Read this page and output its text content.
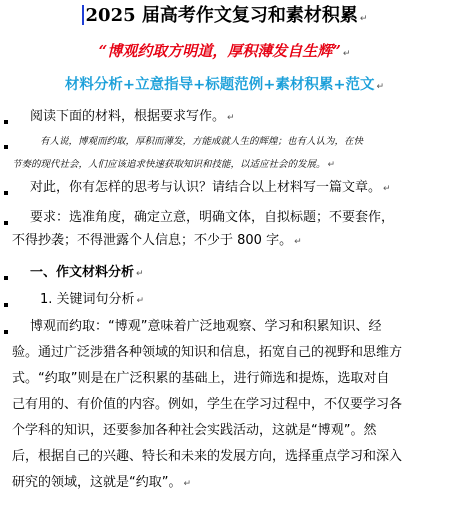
2025 届高考作文复习和素材积累 ↵
“博观约取方明道，厚积薄发自生辉” ↵
材料分析+立意指导+标题范例+素材积累+范文 ↵
阅读下面的材料，根据要求写作。 ↵
有人说，博观而约取，厚积而薄发，方能成就人生的辉煌；也有人认为，在快
节奏的现代社会，人们应该追求快速获取知识和技能，以适应社会的发展。 ↵
对此，你有怎样的思考与认识？请结合以上材料写一篇文章。 ↵
要求：选准角度，确定立意，明确文体，自拟标题；不要套作，
不得抄袭；不得泄露个人信息；不少于 800 字。 ↵
一、作文材料分析 ↵
1. 关键词句分析 ↵
博观而约取：“博观”意味着广泛地观察、学习和积累知识、经
验。通过广泛涉猎各种领域的知识和信息，拓宽自己的视野和思维方
式。“约取”则是在广泛积累的基础上，进行筛选和提炼，选取对自
己有用的、有价值的内容。例如，学生在学习过程中，不仅要学习各
个学科的知识，还要参加各种社会实践活动，这就是“博观”。然
后，根据自己的兴趣、特长和未来的发展方向，选择重点学习和深入
研究的领域，这就是“约取”。 ↵
